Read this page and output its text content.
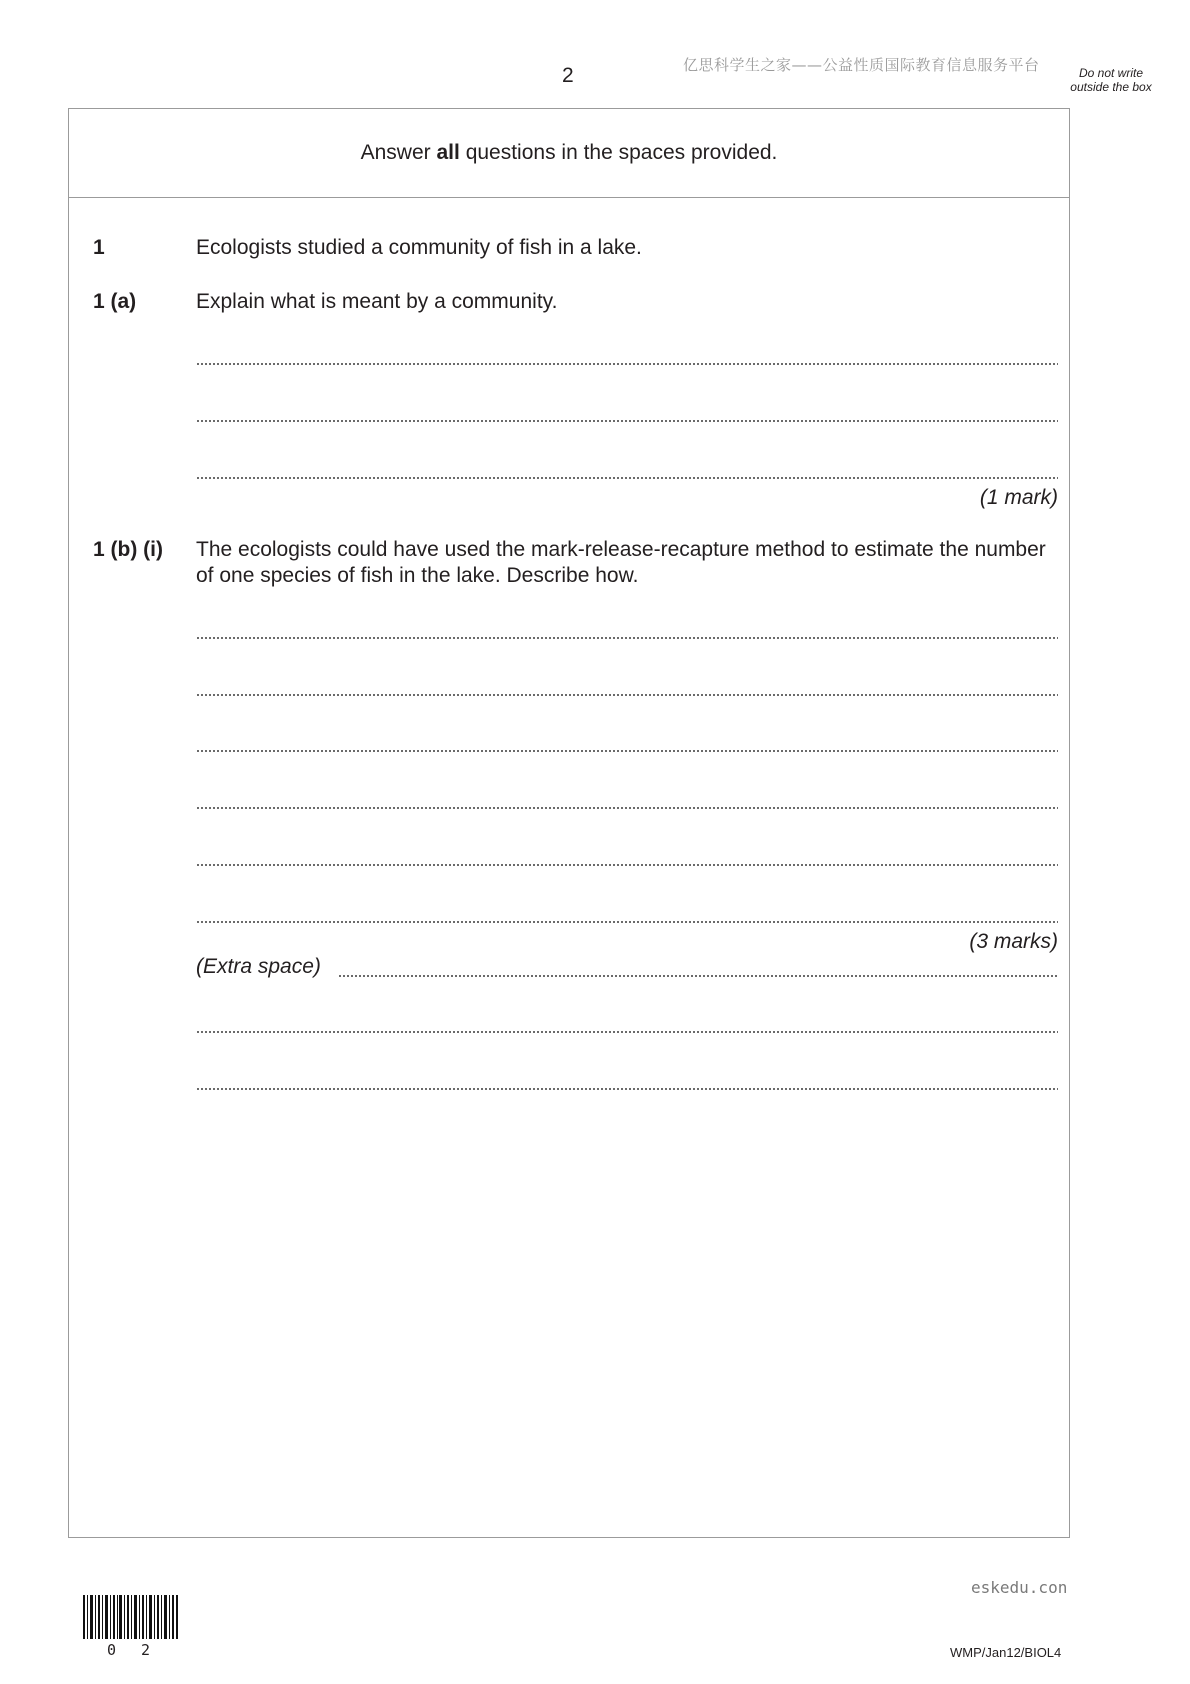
2	亿思科学生之家——公益性质国际教育信息服务平台	Do not write outside the box
Answer
all
questions in the spaces provided.
1	Ecologists studied a community of fish in a lake.
1 (a)	Explain what is meant by a community.
(1 mark)
1 (b) (i) The ecologists could have used the mark-release-recapture method to estimate the number of one species of fish in the lake. Describe how.
(3 marks)
(Extra space)
eskedu.con
0 2	WMP/Jan12/BIOL4
